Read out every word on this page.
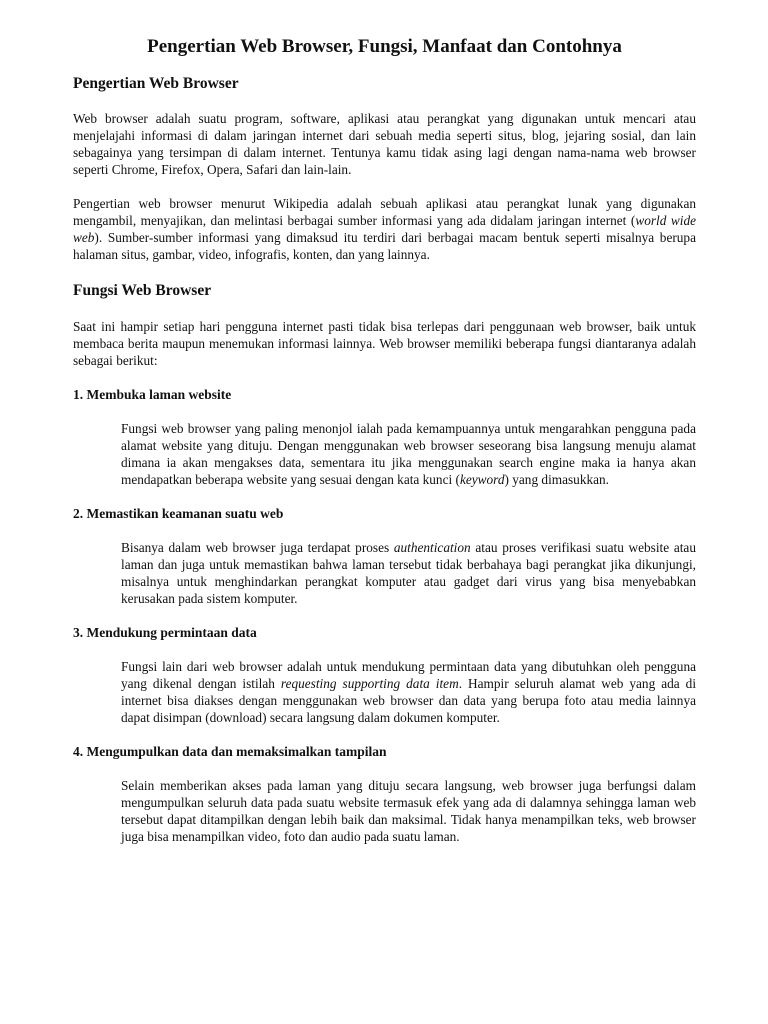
Pengertian Web Browser, Fungsi, Manfaat dan Contohnya
Pengertian Web Browser

Web browser adalah suatu program, software, aplikasi atau perangkat yang digunakan untuk mencari atau menjelajahi informasi di dalam jaringan internet dari sebuah media seperti situs, blog, jejaring sosial, dan lain sebagainya yang tersimpan di dalam internet. Tentunya kamu tidak asing lagi dengan nama-nama web browser seperti Chrome, Firefox, Opera, Safari dan lain-lain.

Pengertian web browser menurut Wikipedia adalah sebuah aplikasi atau perangkat lunak yang digunakan mengambil, menyajikan, dan melintasi berbagai sumber informasi yang ada didalam jaringan internet (world wide web). Sumber-sumber informasi yang dimaksud itu terdiri dari berbagai macam bentuk seperti misalnya berupa halaman situs, gambar, video, infografis, konten, dan yang lainnya.

Fungsi Web Browser

Saat ini hampir setiap hari pengguna internet pasti tidak bisa terlepas dari penggunaan web browser, baik untuk membaca berita maupun menemukan informasi lainnya. Web browser memiliki beberapa fungsi diantaranya adalah sebagai berikut:

1. Membuka laman website

Fungsi web browser yang paling menonjol ialah pada kemampuannya untuk mengarahkan pengguna pada alamat website yang dituju. Dengan menggunakan web browser seseorang bisa langsung menuju alamat dimana ia akan mengakses data, sementara itu jika menggunakan search engine maka ia hanya akan mendapatkan beberapa website yang sesuai dengan kata kunci (keyword) yang dimasukkan.

2. Memastikan keamanan suatu web

Bisanya dalam web browser juga terdapat proses authentication atau proses verifikasi suatu website atau laman dan juga untuk memastikan bahwa laman tersebut tidak berbahaya bagi perangkat jika dikunjungi, misalnya untuk menghindarkan perangkat komputer atau gadget dari virus yang bisa menyebabkan kerusakan pada sistem komputer.

3. Mendukung permintaan data

Fungsi lain dari web browser adalah untuk mendukung permintaan data yang dibutuhkan oleh pengguna yang dikenal dengan istilah requesting supporting data item. Hampir seluruh alamat web yang ada di internet bisa diakses dengan menggunakan web browser dan data yang berupa foto atau media lainnya dapat disimpan (download) secara langsung dalam dokumen komputer.

4. Mengumpulkan data dan memaksimalkan tampilan

Selain memberikan akses pada laman yang dituju secara langsung, web browser juga berfungsi dalam mengumpulkan seluruh data pada suatu website termasuk efek yang ada di dalamnya sehingga laman web tersebut dapat ditampilkan dengan lebih baik dan maksimal. Tidak hanya menampilkan teks, web browser juga bisa menampilkan video, foto dan audio pada suatu laman.
